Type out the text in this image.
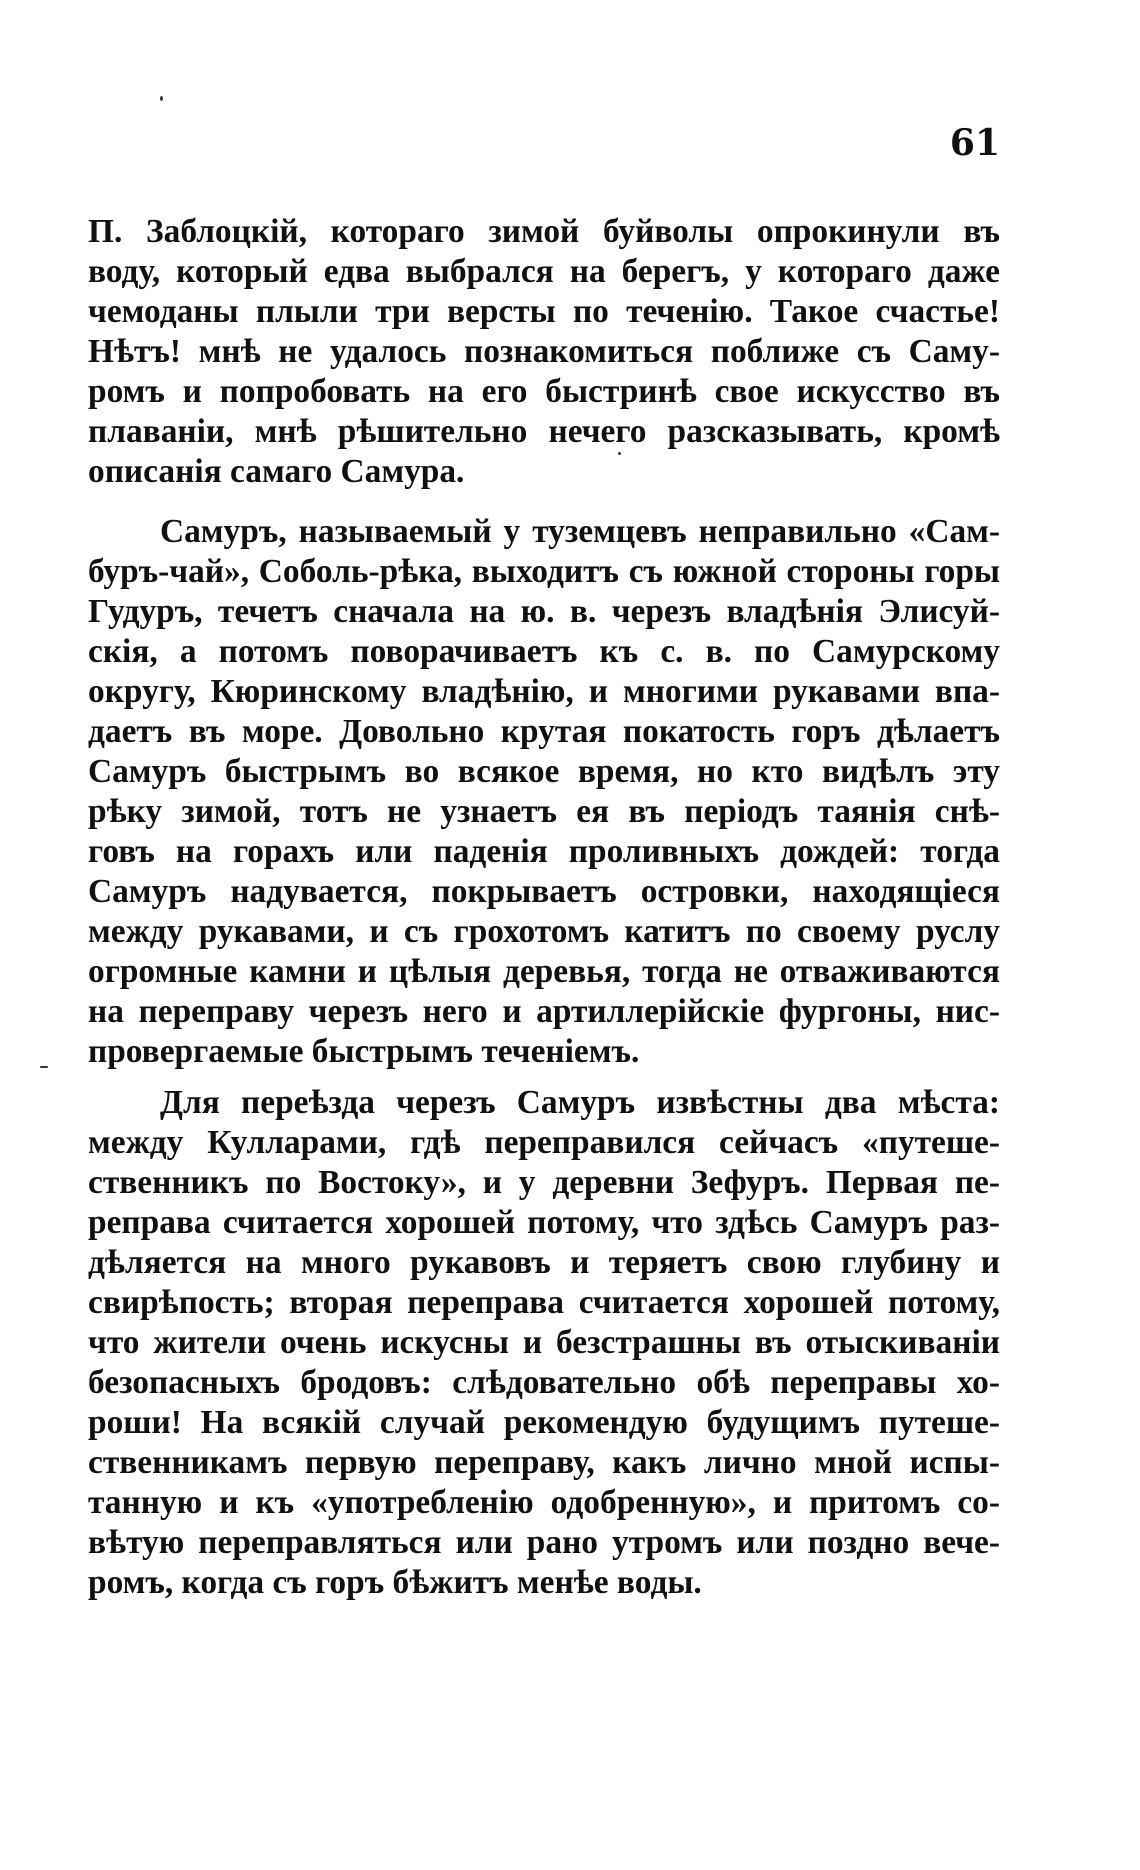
61
П. Заблоцкій, котораго зимой буйволы опрокинули въ
воду, который едва выбрался на берегъ, у котораго даже
чемоданы плыли три версты по теченію. Такое счастье!
Нѣтъ! мнѣ не удалось познакомиться поближе съ Саму-
ромъ и попробовать на его быстринѣ свое искусство въ
плаваніи, мнѣ рѣшительно нечего разсказывать, кромѣ
описанія самаго Самура.
Самуръ, называемый у туземцевъ неправильно «Сам-
буръ-чай», Соболь-рѣка, выходитъ съ южной стороны горы
Гудуръ, течетъ сначала на ю. в. черезъ владѣнія Элисуй-
скія, а потомъ поворачиваетъ къ с. в. по Самурскому
округу, Кюринскому владѣнію, и многими рукавами впа-
даетъ въ море. Довольно крутая покатость горъ дѣлаетъ
Самуръ быстрымъ во всякое время, но кто видѣлъ эту
рѣку зимой, тотъ не узнаетъ ея въ періодъ таянія снѣ-
говъ на горахъ или паденія проливныхъ дождей: тогда
Самуръ надувается, покрываетъ островки, находящіеся
между рукавами, и съ грохотомъ катитъ по своему руслу
огромные камни и цѣлыя деревья, тогда не отваживаются
на переправу черезъ него и артиллерійскіе фургоны, нис-
провергаемые быстрымъ теченіемъ.
Для переѣзда черезъ Самуръ извѣстны два мѣста:
между Кулларами, гдѣ переправился сейчасъ «путеше-
ственникъ по Востоку», и у деревни Зефуръ. Первая пе-
реправа считается хорошей потому, что здѣсь Самуръ раз-
дѣляется на много рукавовъ и теряетъ свою глубину и
свирѣпость; вторая переправа считается хорошей потому,
что жители очень искусны и безстрашны въ отыскиваніи
безопасныхъ бродовъ: слѣдовательно обѣ переправы хо-
роши! На всякій случай рекомендую будущимъ путеше-
ственникамъ первую переправу, какъ лично мной испы-
танную и къ «употребленію одобренную», и притомъ со-
вѣтую переправляться или рано утромъ или поздно вече-
ромъ, когда съ горъ бѣжитъ менѣе воды.
